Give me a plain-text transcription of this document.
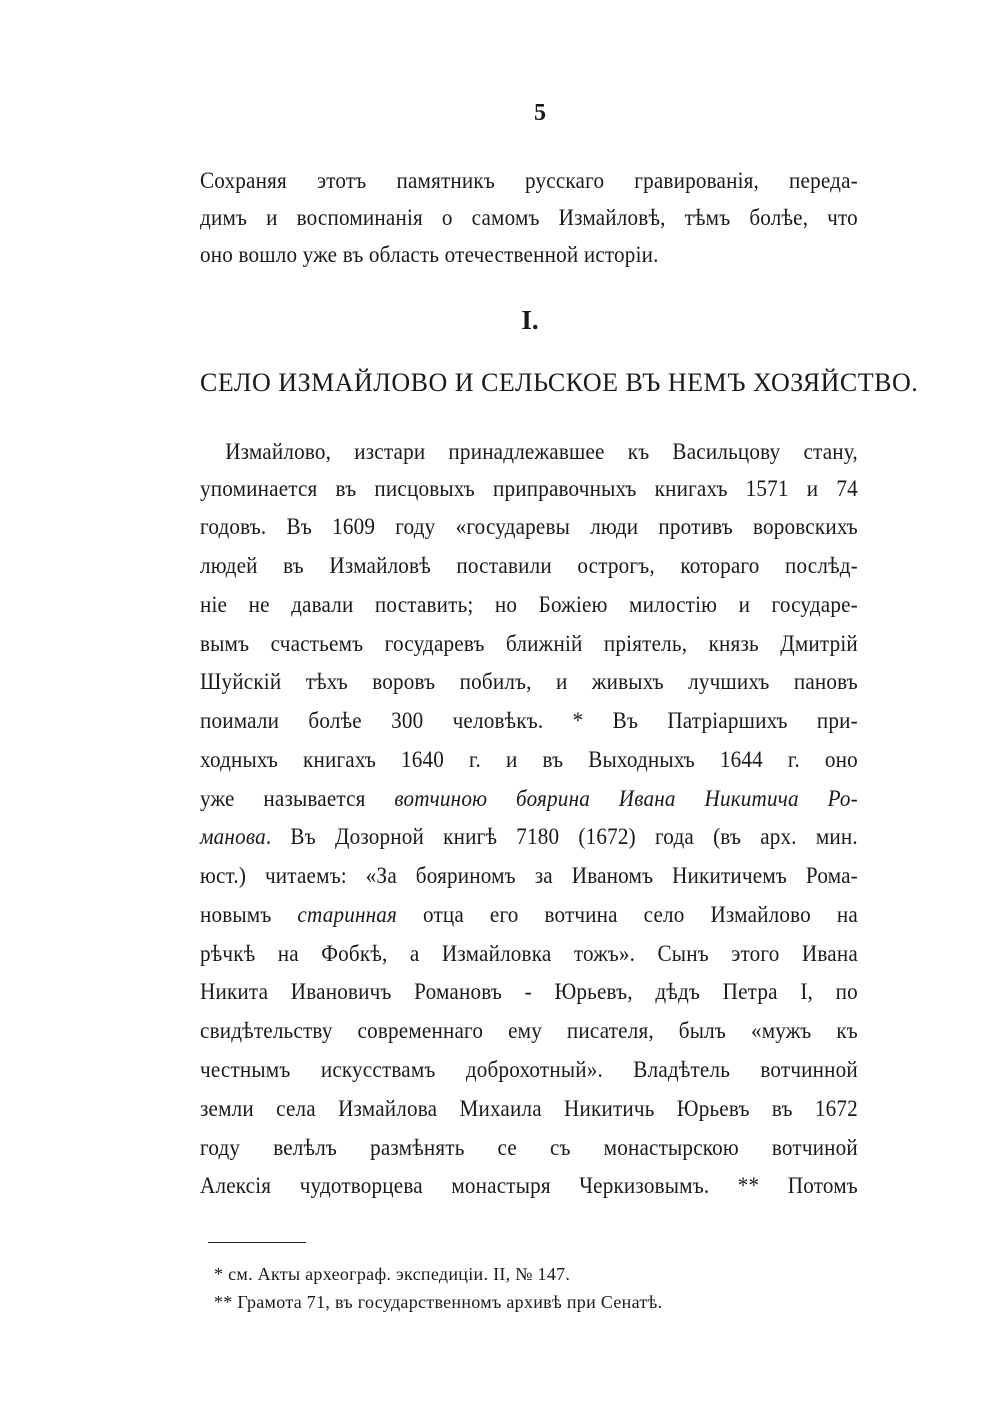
5
Сохраняя этотъ памятникъ русскаго гравированія, переда-
димъ и воспоминанія о самомъ Измайловѣ, тѣмъ болѣе, что
оно вошло уже въ область отечественной исторіи.
I.
СЕЛО ИЗМАЙЛОВО И СЕЛЬСКОЕ ВЪ НЕМЪ ХОЗЯЙСТВО.
Измайлово, изстари принадлежавшее къ Васильцову стану,
упоминается въ писцовыхъ приправочныхъ книгахъ 1571 и 74
годовъ. Въ 1609 году «государевы люди противъ воровскихъ
людей въ Измайловѣ поставили острогъ, котораго послѣд-
ніе не давали поставить; но Божіею милостію и государе-
вымъ счастьемъ государевъ ближній пріятель, князь Дмитрій
Шуйскій тѣхъ воровъ побилъ, и живыхъ лучшихъ пановъ
поимали болѣе 300 человѣкъ. * Въ Патріаршихъ при-
ходныхъ книгахъ 1640 г. и въ Выходныхъ 1644 г. оно
уже называется вотчиною боярина Ивана Никитича Ро-
манова. Въ Дозорной книгѣ 7180 (1672) года (въ арх. мин.
юст.) читаемъ: «За бояриномъ за Иваномъ Никитичемъ Рома-
новымъ старинная отца его вотчина село Измайлово на
рѣчкѣ на Фобкѣ, а Измайловка тожъ». Сынъ этого Ивана
Никита Ивановичъ Романовъ - Юрьевъ, дѣдъ Петра I, по
свидѣтельству современнаго ему писателя, былъ «мужъ къ
честнымъ искусствамъ доброхотный». Владѣтель вотчинной
земли села Измайлова Михаила Никитичь Юрьевъ въ 1672
году велѣлъ размѣнять се съ монастырскою вотчиной
Алексія чудотворцева монастыря Черкизовымъ. ** Потомъ
* см. Акты археограф. экспедиціи. II, № 147.
** Грамота 71, въ государственномъ архивѣ при Сенатѣ.
